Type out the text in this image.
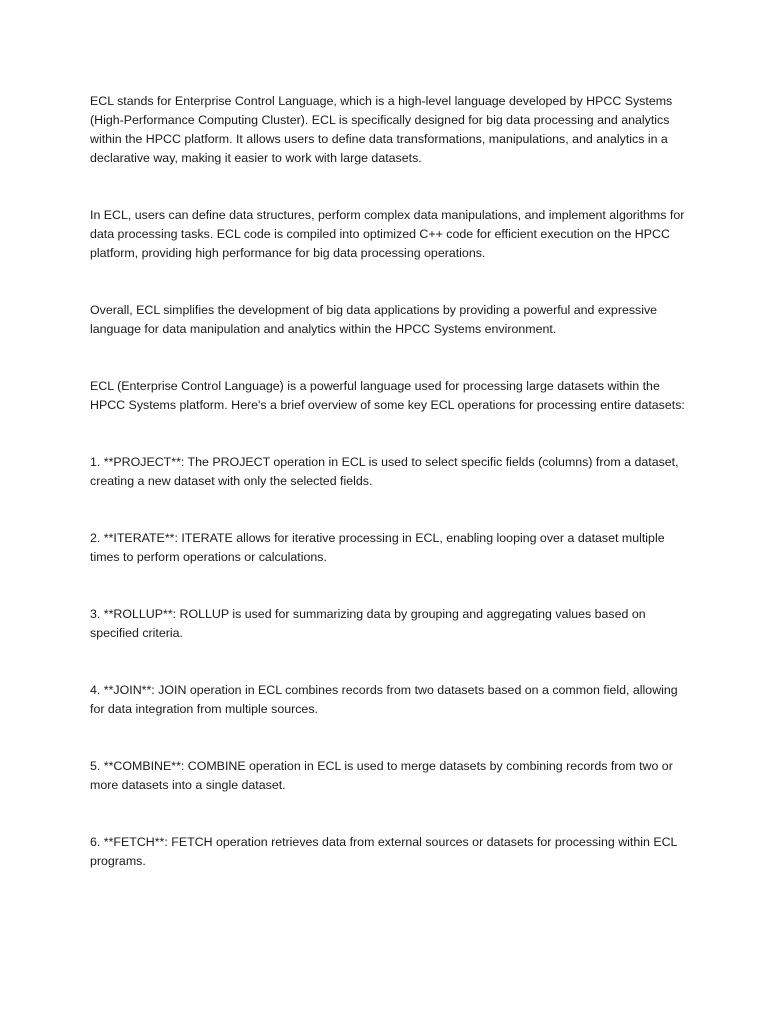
ECL stands for Enterprise Control Language, which is a high-level language developed by HPCC Systems (High-Performance Computing Cluster). ECL is specifically designed for big data processing and analytics within the HPCC platform. It allows users to define data transformations, manipulations, and analytics in a declarative way, making it easier to work with large datasets.

In ECL, users can define data structures, perform complex data manipulations, and implement algorithms for data processing tasks. ECL code is compiled into optimized C++ code for efficient execution on the HPCC platform, providing high performance for big data processing operations.

Overall, ECL simplifies the development of big data applications by providing a powerful and expressive language for data manipulation and analytics within the HPCC Systems environment.

ECL (Enterprise Control Language) is a powerful language used for processing large datasets within the HPCC Systems platform. Here's a brief overview of some key ECL operations for processing entire datasets:

1. **PROJECT**: The PROJECT operation in ECL is used to select specific fields (columns) from a dataset, creating a new dataset with only the selected fields.

2. **ITERATE**: ITERATE allows for iterative processing in ECL, enabling looping over a dataset multiple times to perform operations or calculations.

3. **ROLLUP**: ROLLUP is used for summarizing data by grouping and aggregating values based on specified criteria.

4. **JOIN**: JOIN operation in ECL combines records from two datasets based on a common field, allowing for data integration from multiple sources.

5. **COMBINE**: COMBINE operation in ECL is used to merge datasets by combining records from two or more datasets into a single dataset.

6. **FETCH**: FETCH operation retrieves data from external sources or datasets for processing within ECL programs.
